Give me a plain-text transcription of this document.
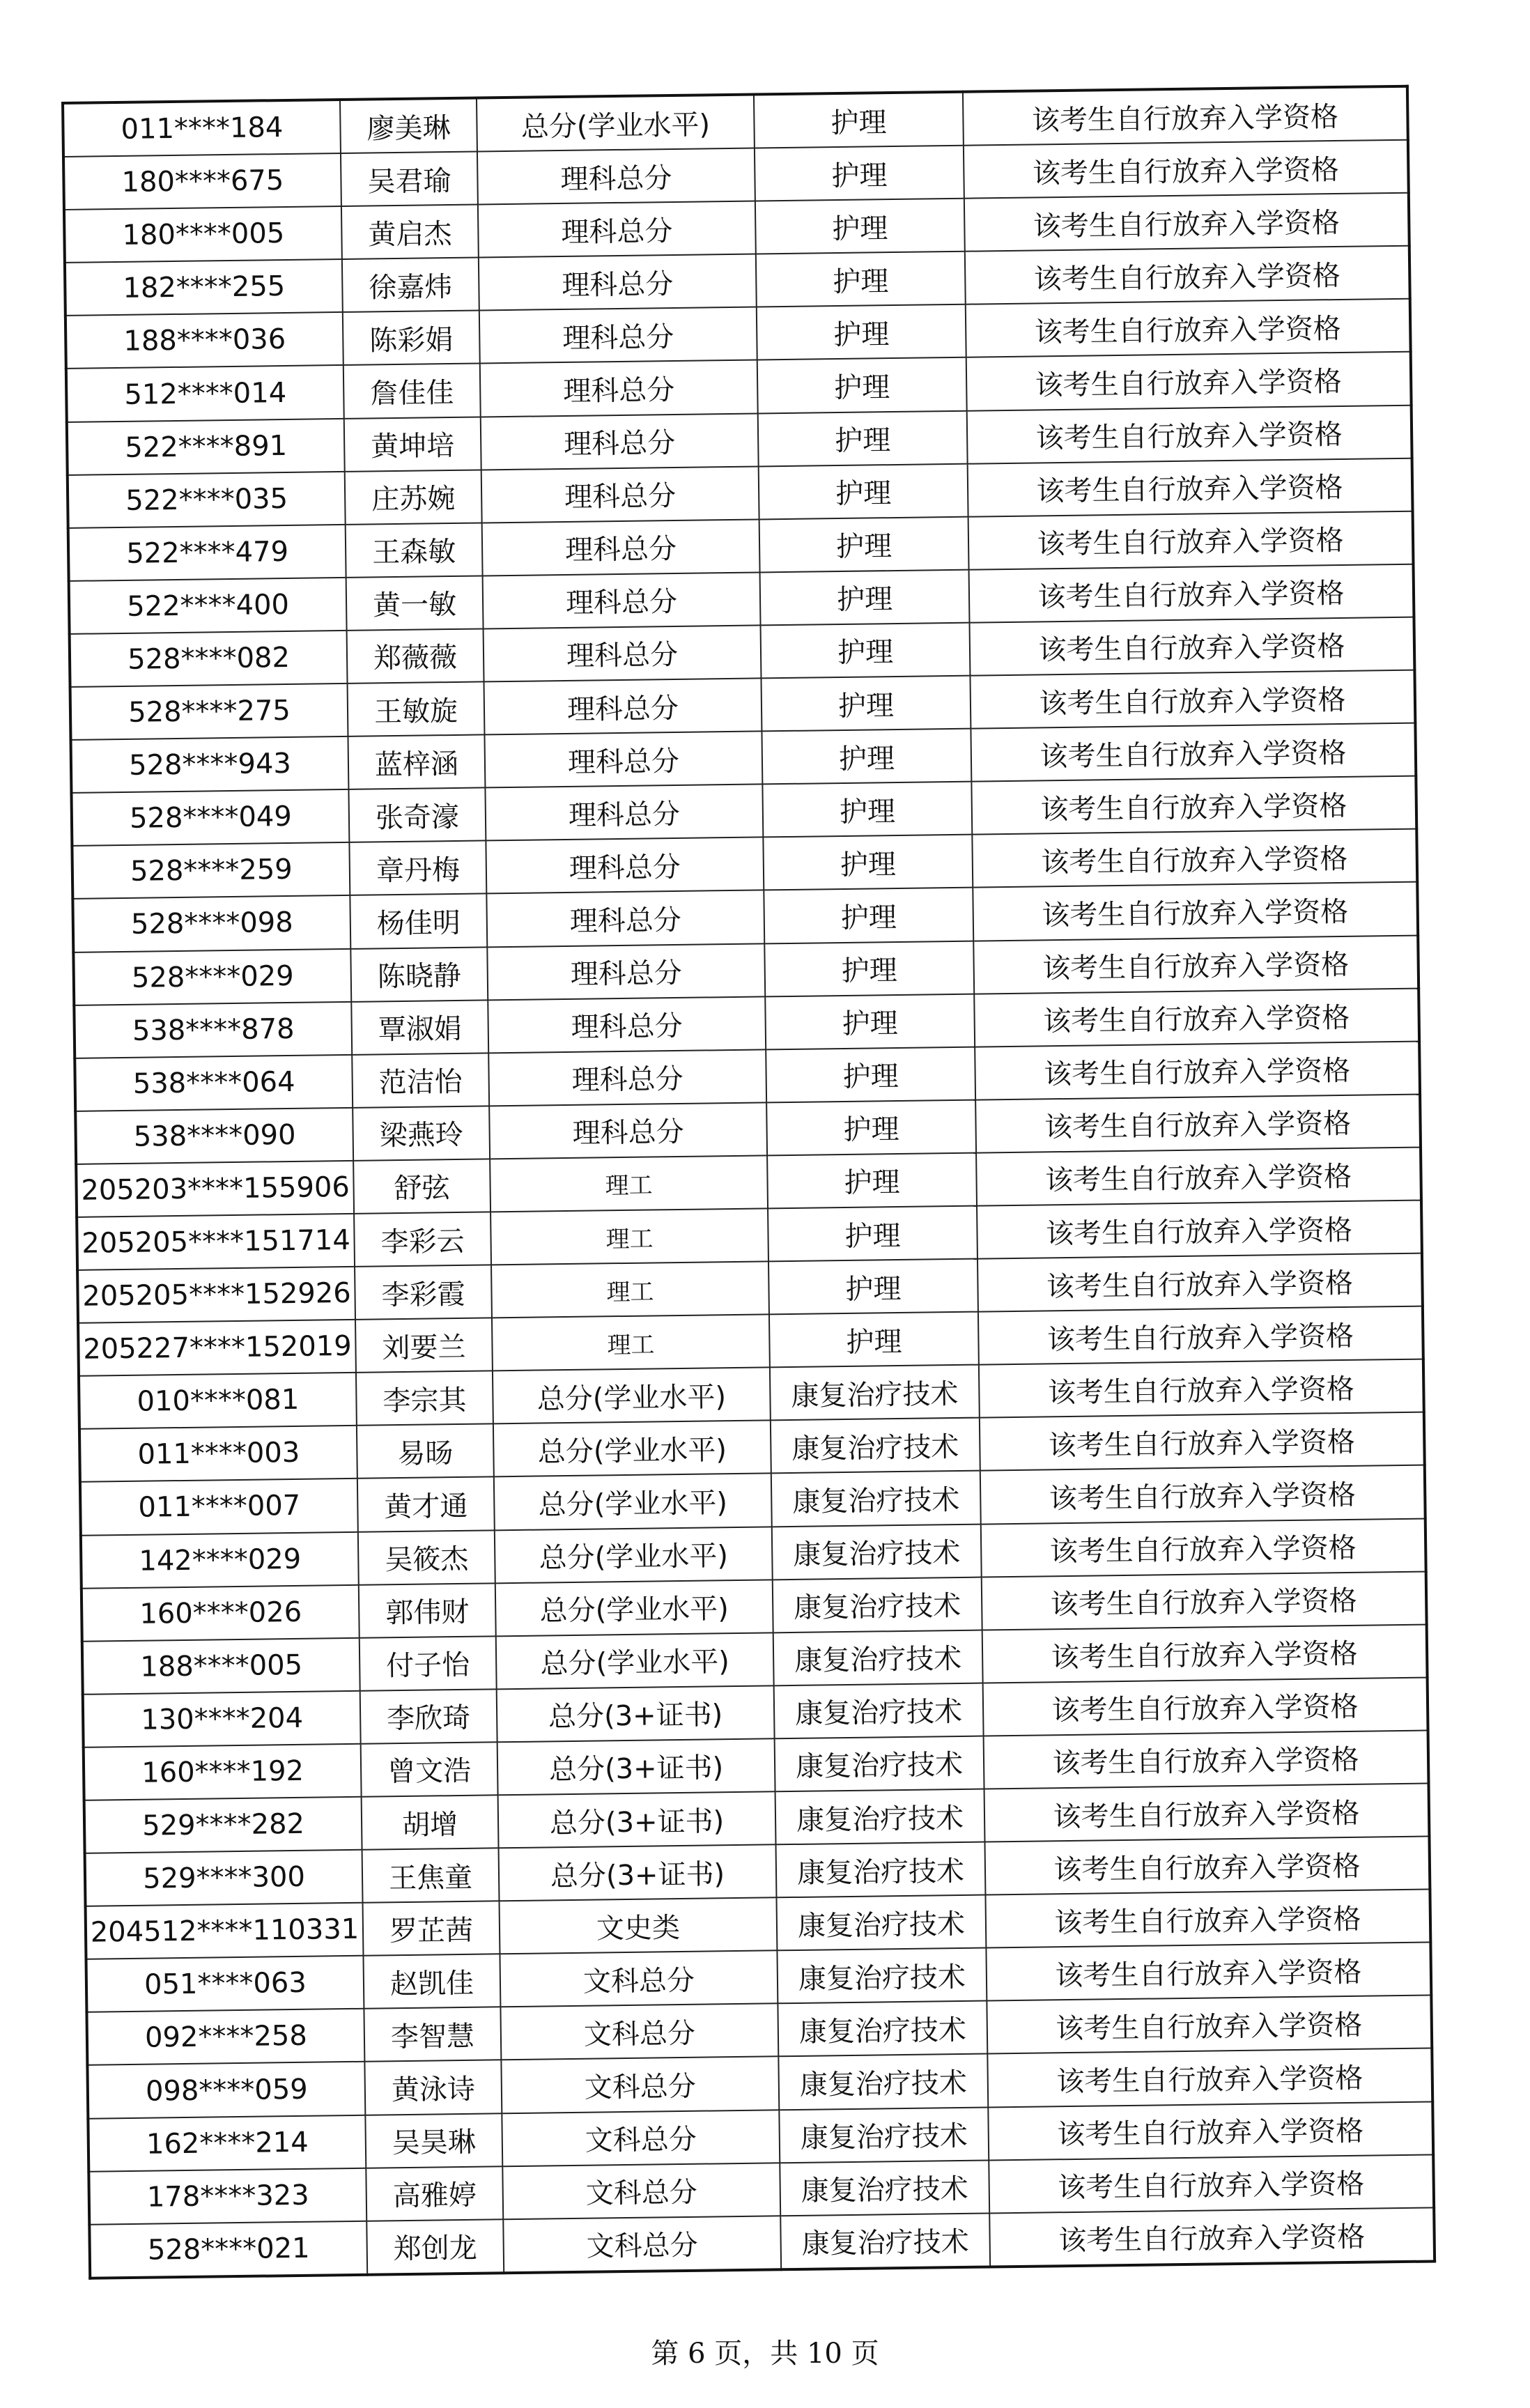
011****184	廖美琳	总分(学业水平)	护理	该考生自行放弃入学资格
180****675	吴君瑜	理科总分	护理	该考生自行放弃入学资格
180****005	黄启杰	理科总分	护理	该考生自行放弃入学资格
182****255	徐嘉炜	理科总分	护理	该考生自行放弃入学资格
188****036	陈彩娟	理科总分	护理	该考生自行放弃入学资格
512****014	詹佳佳	理科总分	护理	该考生自行放弃入学资格
522****891	黄坤培	理科总分	护理	该考生自行放弃入学资格
522****035	庄苏婉	理科总分	护理	该考生自行放弃入学资格
522****479	王森敏	理科总分	护理	该考生自行放弃入学资格
522****400	黄一敏	理科总分	护理	该考生自行放弃入学资格
528****082	郑薇薇	理科总分	护理	该考生自行放弃入学资格
528****275	王敏旋	理科总分	护理	该考生自行放弃入学资格
528****943	蓝梓涵	理科总分	护理	该考生自行放弃入学资格
528****049	张奇濠	理科总分	护理	该考生自行放弃入学资格
528****259	章丹梅	理科总分	护理	该考生自行放弃入学资格
528****098	杨佳明	理科总分	护理	该考生自行放弃入学资格
528****029	陈晓静	理科总分	护理	该考生自行放弃入学资格
538****878	覃淑娟	理科总分	护理	该考生自行放弃入学资格
538****064	范洁怡	理科总分	护理	该考生自行放弃入学资格
538****090	梁燕玲	理科总分	护理	该考生自行放弃入学资格
205203****155906	舒弦	理工	护理	该考生自行放弃入学资格
205205****151714	李彩云	理工	护理	该考生自行放弃入学资格
205205****152926	李彩霞	理工	护理	该考生自行放弃入学资格
205227****152019	刘要兰	理工	护理	该考生自行放弃入学资格
010****081	李宗其	总分(学业水平)	康复治疗技术	该考生自行放弃入学资格
011****003	易旸	总分(学业水平)	康复治疗技术	该考生自行放弃入学资格
011****007	黄才通	总分(学业水平)	康复治疗技术	该考生自行放弃入学资格
142****029	吴筱杰	总分(学业水平)	康复治疗技术	该考生自行放弃入学资格
160****026	郭伟财	总分(学业水平)	康复治疗技术	该考生自行放弃入学资格
188****005	付子怡	总分(学业水平)	康复治疗技术	该考生自行放弃入学资格
130****204	李欣琦	总分(3+证书)	康复治疗技术	该考生自行放弃入学资格
160****192	曾文浩	总分(3+证书)	康复治疗技术	该考生自行放弃入学资格
529****282	胡增	总分(3+证书)	康复治疗技术	该考生自行放弃入学资格
529****300	王焦童	总分(3+证书)	康复治疗技术	该考生自行放弃入学资格
204512****110331	罗芷茜	文史类	康复治疗技术	该考生自行放弃入学资格
051****063	赵凯佳	文科总分	康复治疗技术	该考生自行放弃入学资格
092****258	李智慧	文科总分	康复治疗技术	该考生自行放弃入学资格
098****059	黄泳诗	文科总分	康复治疗技术	该考生自行放弃入学资格
162****214	吴昊琳	文科总分	康复治疗技术	该考生自行放弃入学资格
178****323	高雅婷	文科总分	康复治疗技术	该考生自行放弃入学资格
528****021	郑创龙	文科总分	康复治疗技术	该考生自行放弃入学资格
第 6 页，共 10 页
